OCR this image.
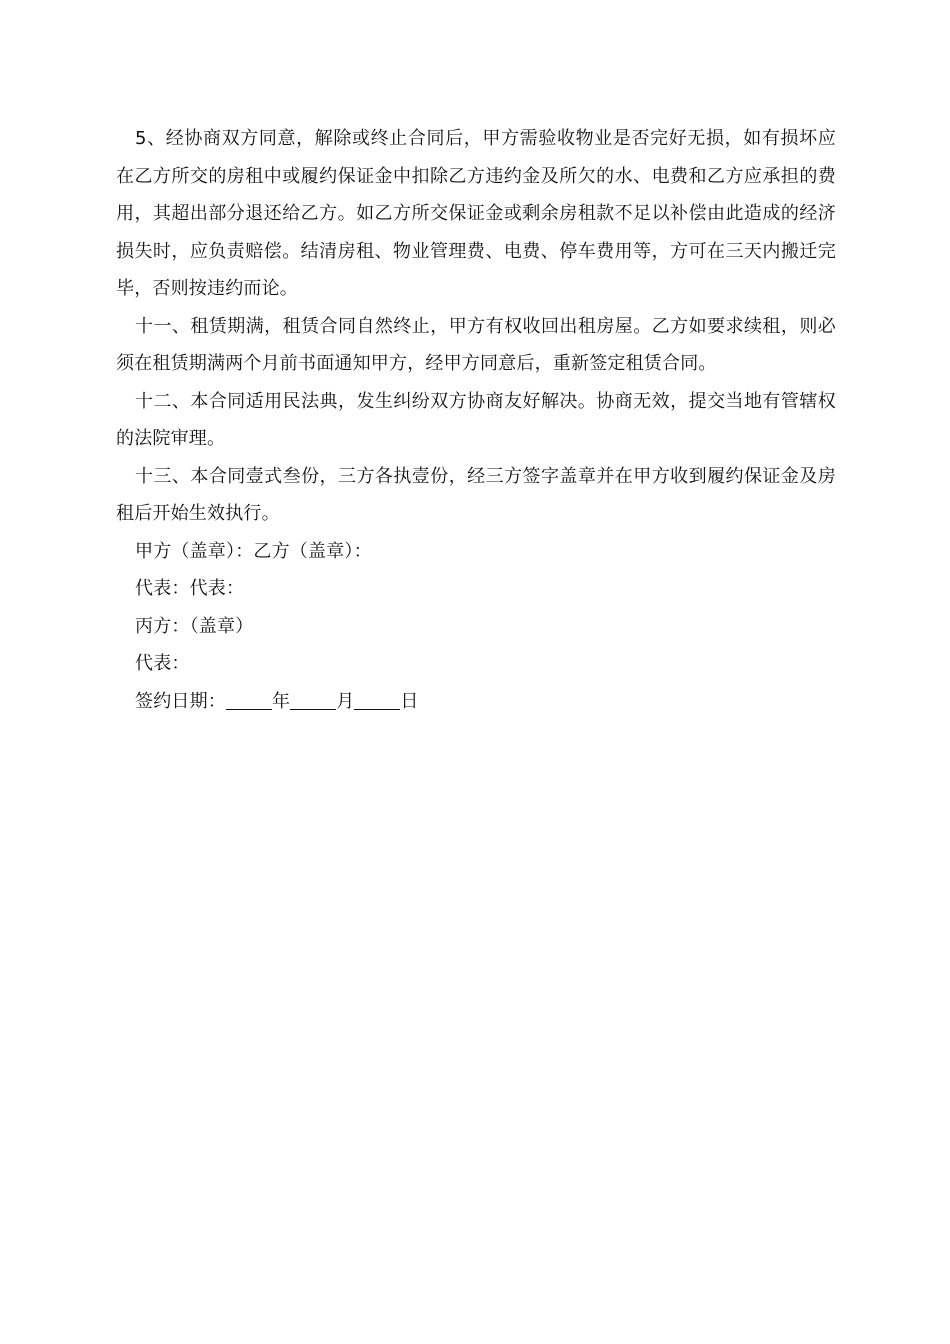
5、经协商双方同意，解除或终止合同后，甲方需验收物业是否完好无损，如有损坏应在乙方所交的房租中或履约保证金中扣除乙方违约金及所欠的水、电费和乙方应承担的费用，其超出部分退还给乙方。如乙方所交保证金或剩余房租款不足以补偿由此造成的经济损失时，应负责赔偿。结清房租、物业管理费、电费、停车费用等，方可在三天内搬迁完毕，否则按违约而论。

十一、租赁期满，租赁合同自然终止，甲方有权收回出租房屋。乙方如要求续租，则必须在租赁期满两个月前书面通知甲方，经甲方同意后，重新签定租赁合同。

十二、本合同适用民法典，发生纠纷双方协商友好解决。协商无效，提交当地有管辖权的法院审理。

十三、本合同壹式叁份，三方各执壹份，经三方签字盖章并在甲方收到履约保证金及房租后开始生效执行。

甲方（盖章）：乙方（盖章）：

代表：代表：

丙方：（盖章）

代表：

签约日期：	年	月	日
